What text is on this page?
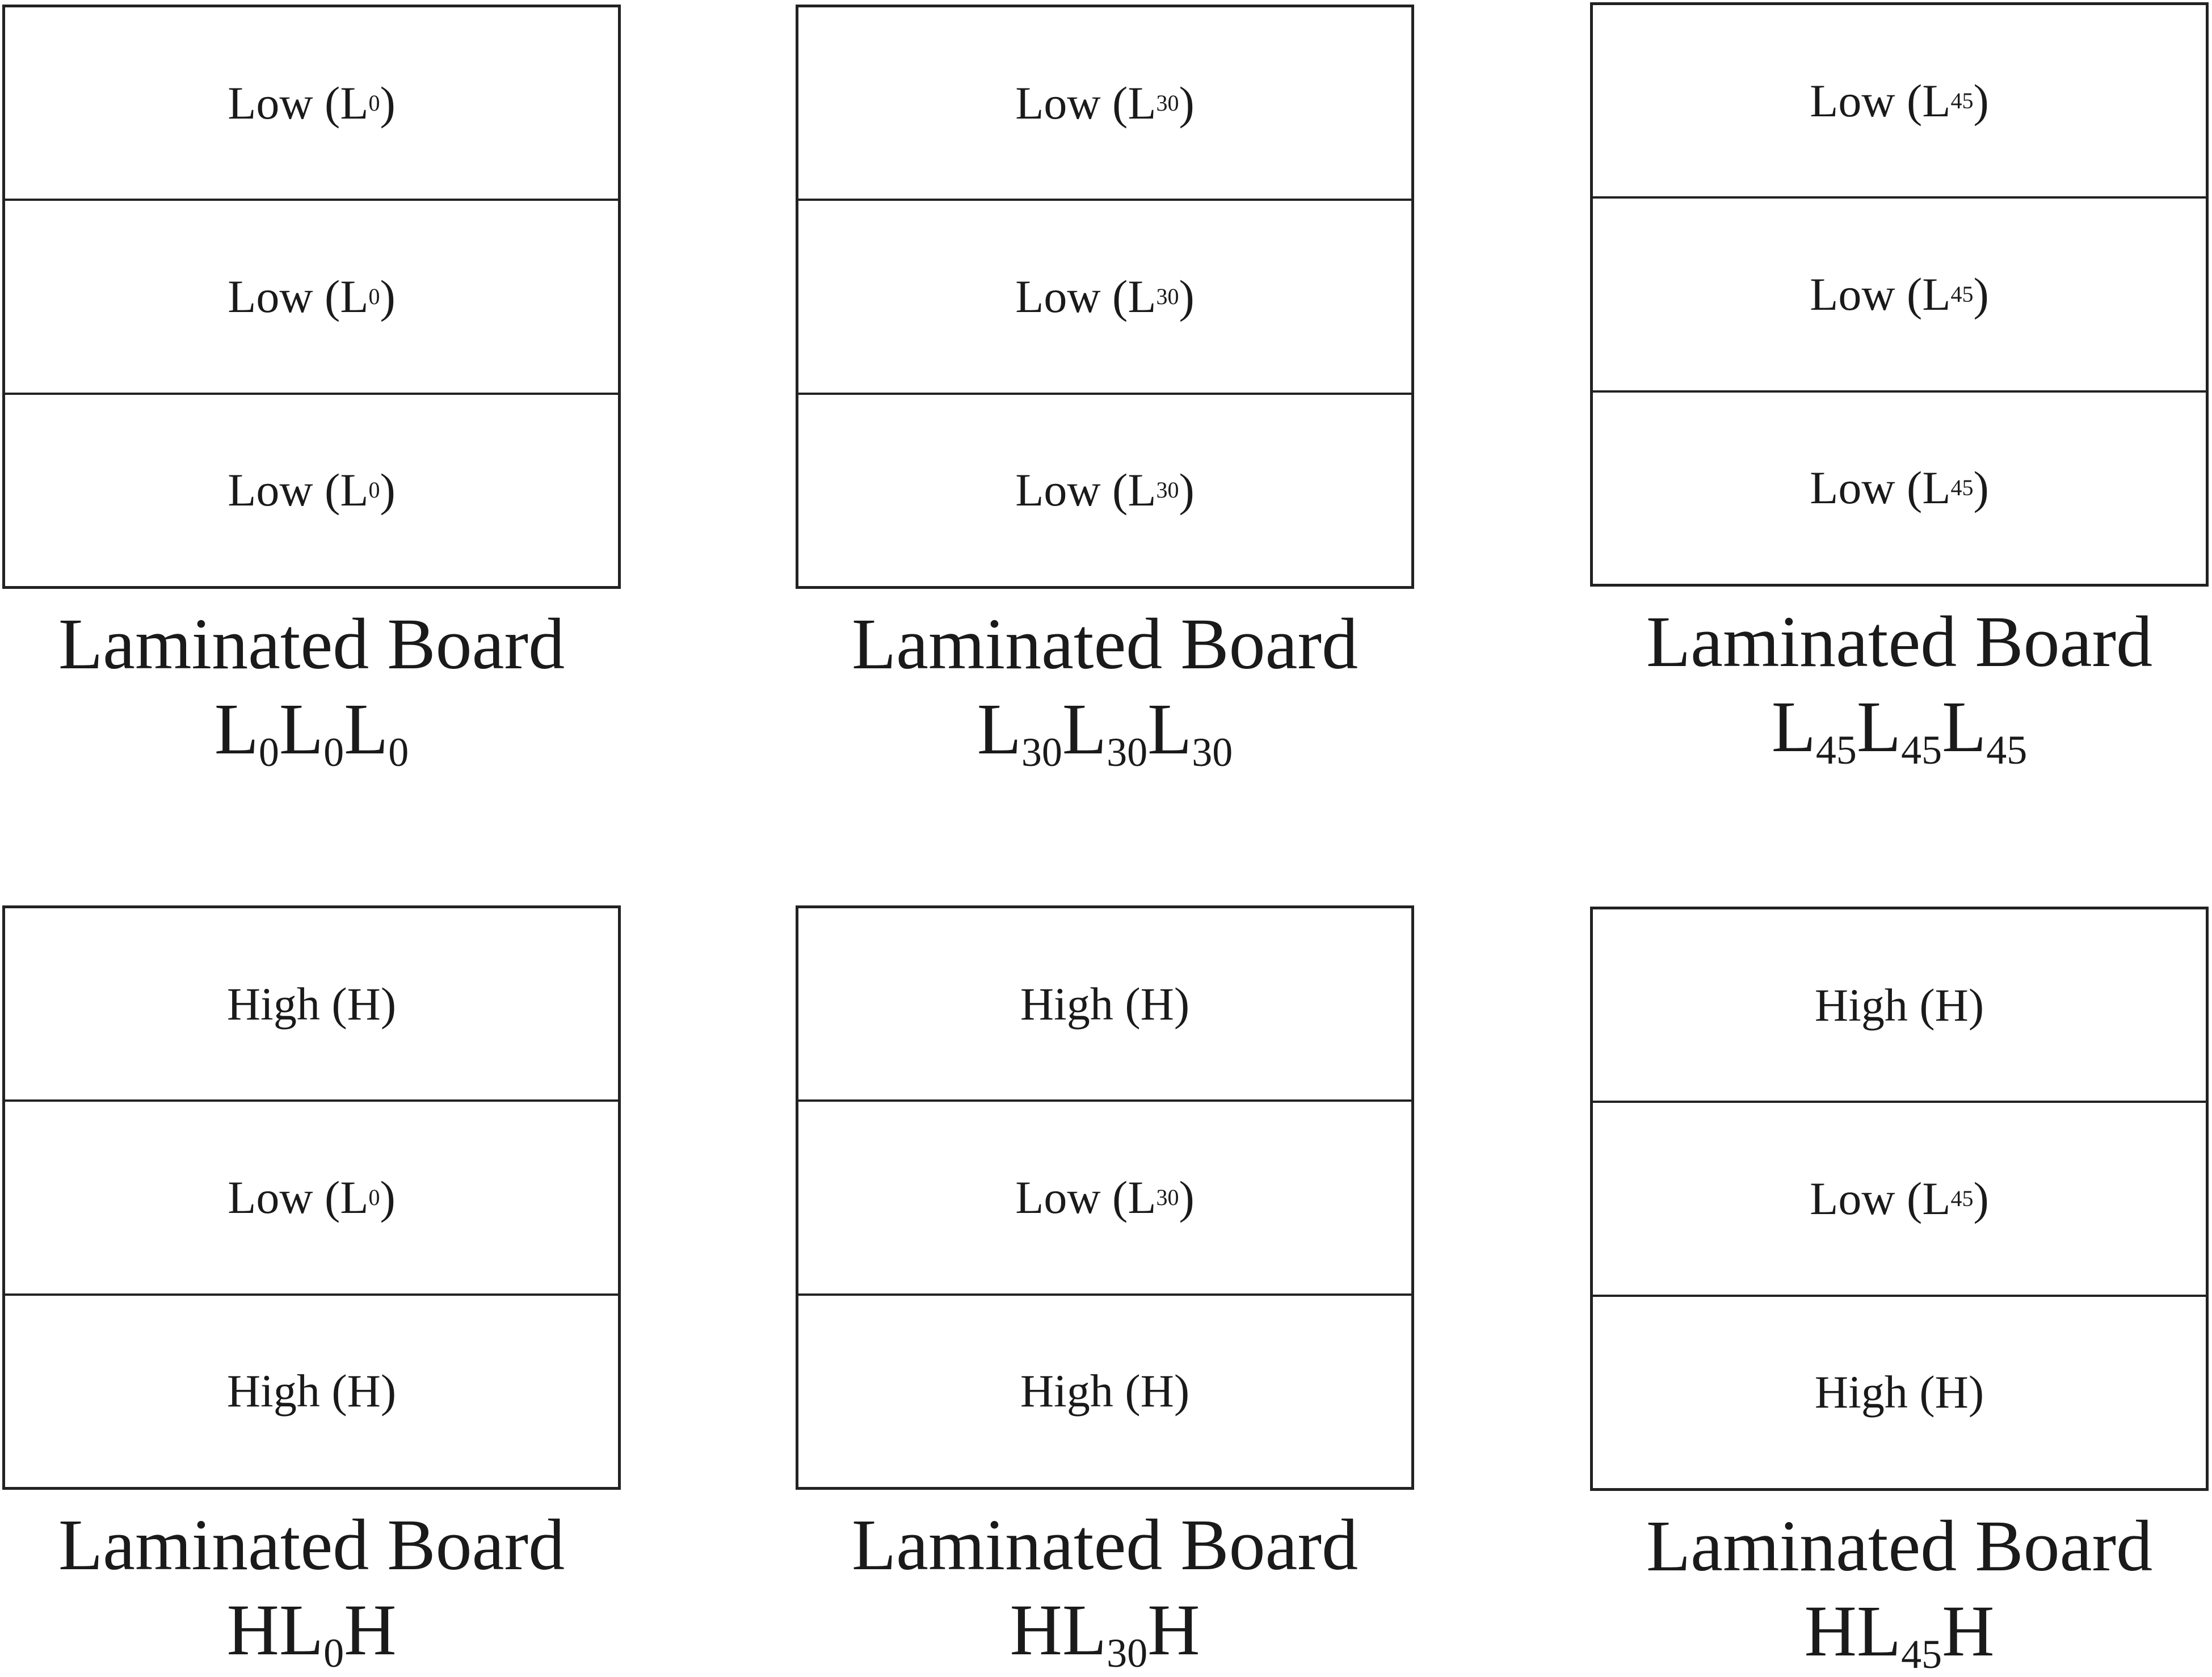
Low (L 0 )
Low (L 0 )
Low (L 0 )
Laminated Board
$L_0L_0L_0$
Low (L 30 )
Low (L 30 )
Low (L 30 )
Laminated Board
$L_{30}L_{30}L_{30}$
Low (L 45 )
Low (L 45 )
Low (L 45 )
Laminated Board
$L_{45}L_{45}L_{45}$
High (H)
Low (L 0 )
High (H)
Laminated Board
$HL_0H$
High (H)
Low (L 30 )
High (H)
Laminated Board
$HL_{30}H$
High (H)
Low (L 45 )
High (H)
Laminated Board
$HL_{45}H$
